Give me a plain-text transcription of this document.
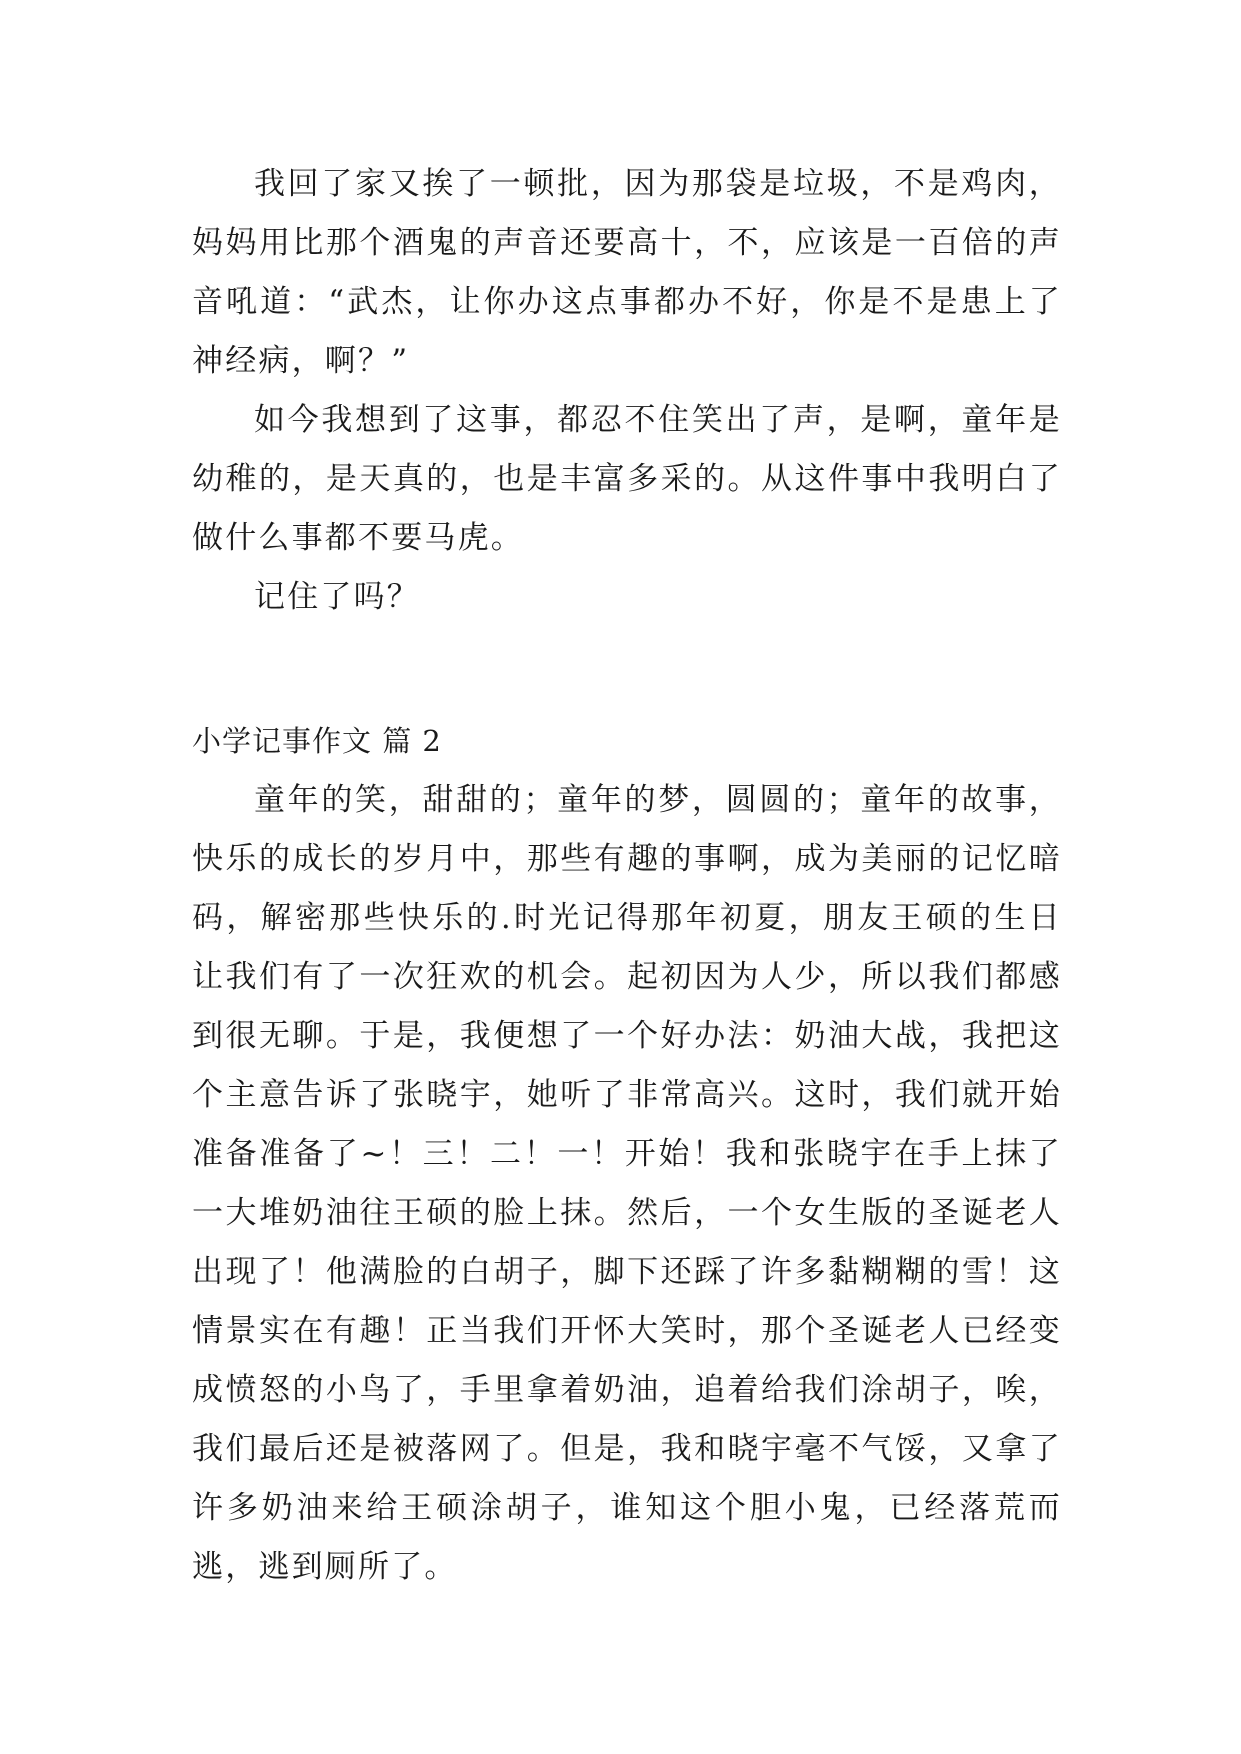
我回了家又挨了一顿批，因为那袋是垃圾，不是鸡肉，妈妈用比那个酒鬼的声音还要高十，不，应该是一百倍的声音吼道：“武杰，让你办这点事都办不好，你是不是患上了神经病，啊？”

如今我想到了这事，都忍不住笑出了声，是啊，童年是幼稚的，是天真的，也是丰富多采的。从这件事中我明白了做什么事都不要马虎。

记住了吗？

小学记事作文 篇 2

童年的笑，甜甜的；童年的梦，圆圆的；童年的故事，快乐的成长的岁月中，那些有趣的事啊，成为美丽的记忆暗码，解密那些快乐的.时光记得那年初夏，朋友王硕的生日让我们有了一次狂欢的机会。起初因为人少，所以我们都感到很无聊。于是，我便想了一个好办法：奶油大战，我把这个主意告诉了张晓宇，她听了非常高兴。这时，我们就开始准备准备了~！三！二！一！开始！我和张晓宇在手上抹了一大堆奶油往王硕的脸上抹。然后，一个女生版的圣诞老人出现了！他满脸的白胡子，脚下还踩了许多黏糊糊的雪！这情景实在有趣！正当我们开怀大笑时，那个圣诞老人已经变成愤怒的小鸟了，手里拿着奶油，追着给我们涂胡子，唉，我们最后还是被落网了。但是，我和晓宇毫不气馁，又拿了许多奶油来给王硕涂胡子，谁知这个胆小鬼，已经落荒而逃，逃到厕所了。
